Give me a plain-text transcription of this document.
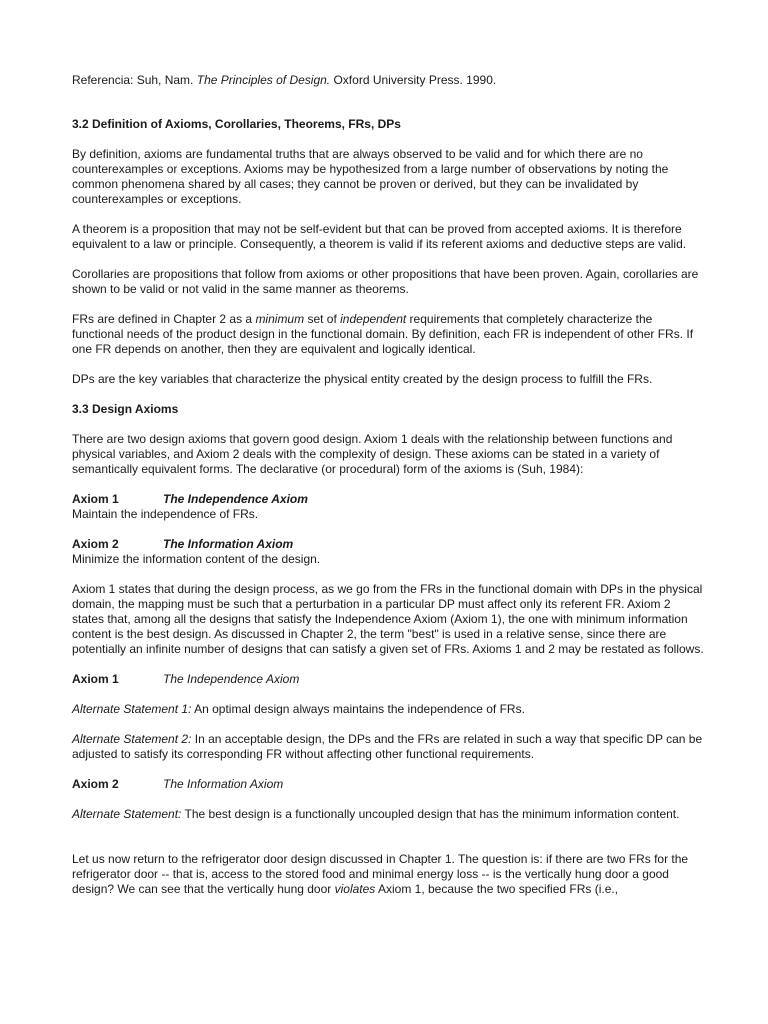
Referencia: Suh, Nam. The Principles of Design. Oxford University Press. 1990.

3.2 Definition of Axioms, Corollaries, Theorems, FRs, DPs

By definition, axioms are fundamental truths that are always observed to be valid and for which there are no counterexamples or exceptions. Axioms may be hypothesized from a large number of observations by noting the common phenomena shared by all cases; they cannot be proven or derived, but they can be invalidated by counterexamples or exceptions.

A theorem is a proposition that may not be self-evident but that can be proved from accepted axioms. It is therefore equivalent to a law or principle. Consequently, a theorem is valid if its referent axioms and deductive steps are valid.

Corollaries are propositions that follow from axioms or other propositions that have been proven. Again, corollaries are shown to be valid or not valid in the same manner as theorems.

FRs are defined in Chapter 2 as a minimum set of independent requirements that completely characterize the functional needs of the product design in the functional domain. By definition, each FR is independent of other FRs. If one FR depends on another, then they are equivalent and logically identical.

DPs are the key variables that characterize the physical entity created by the design process to fulfill the FRs.

3.3 Design Axioms

There are two design axioms that govern good design. Axiom 1 deals with the relationship between functions and physical variables, and Axiom 2 deals with the complexity of design. These axioms can be stated in a variety of semantically equivalent forms. The declarative (or procedural) form of the axioms is (Suh, 1984):

Axiom 1	The Independence Axiom

Maintain the independence of FRs.

Axiom 2	The Information Axiom

Minimize the information content of the design.

Axiom 1 states that during the design process, as we go from the FRs in the functional domain with DPs in the physical domain, the mapping must be such that a perturbation in a particular DP must affect only its referent FR. Axiom 2 states that, among all the designs that satisfy the Independence Axiom (Axiom 1), the one with minimum information content is the best design. As discussed in Chapter 2, the term "best" is used in a relative sense, since there are potentially an infinite number of designs that can satisfy a given set of FRs. Axioms 1 and 2 may be restated as follows.

Axiom 1	The Independence Axiom

Alternate Statement 1: An optimal design always maintains the independence of FRs.

Alternate Statement 2: In an acceptable design, the DPs and the FRs are related in such a way that specific DP can be adjusted to satisfy its corresponding FR without affecting other functional requirements.

Axiom 2	The Information Axiom

Alternate Statement: The best design is a functionally uncoupled design that has the minimum information content.

Let us now return to the refrigerator door design discussed in Chapter 1. The question is: if there are two FRs for the refrigerator door -- that is, access to the stored food and minimal energy loss -- is the vertically hung door a good design? We can see that the vertically hung door violates Axiom 1, because the two specified FRs (i.e.,
